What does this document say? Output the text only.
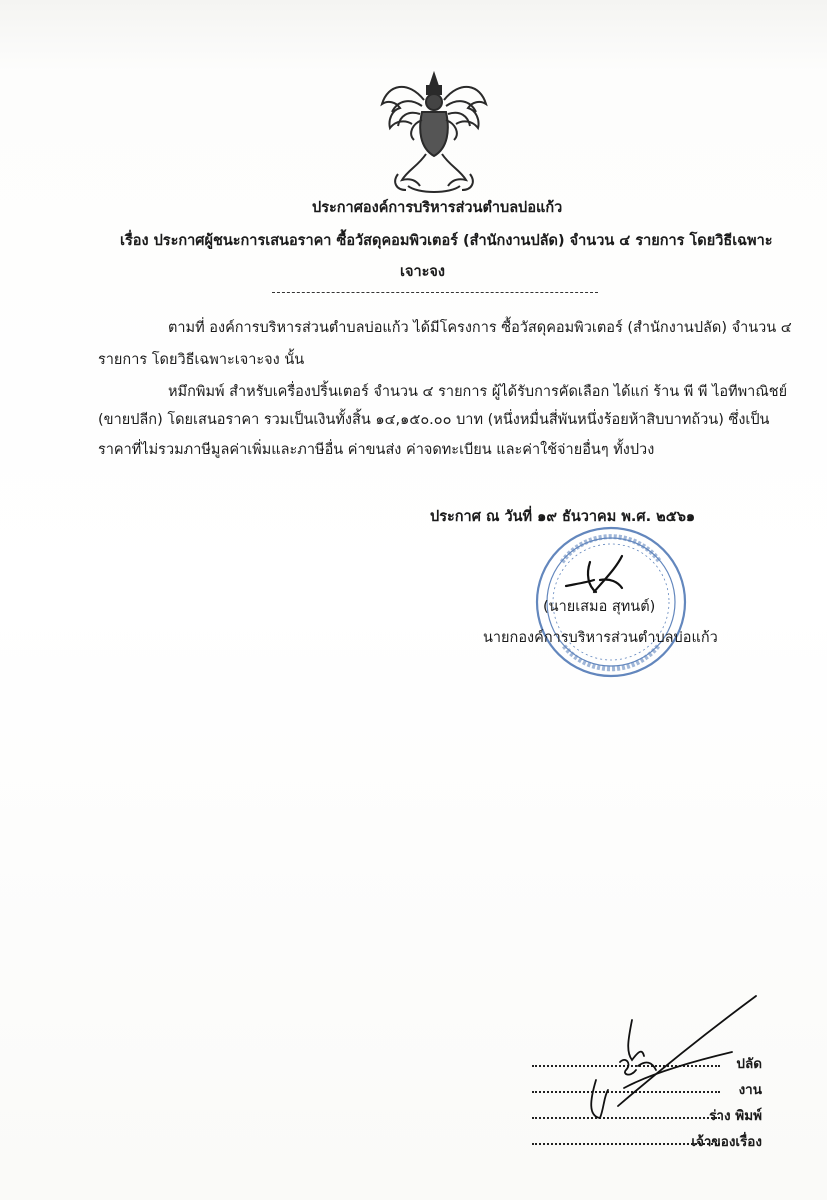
ประกาศองค์การบริหารส่วนตำบลบ่อแก้ว
เรื่อง ประกาศผู้ชนะการเสนอราคา ซื้อวัสดุคอมพิวเตอร์ (สำนักงานปลัด) จำนวน ๔ รายการ โดยวิธีเฉพาะ
เจาะจง
ตามที่ องค์การบริหารส่วนตำบลบ่อแก้ว ได้มีโครงการ ซื้อวัสดุคอมพิวเตอร์ (สำนักงานปลัด) จำนวน ๔
รายการ โดยวิธีเฉพาะเจาะจง นั้น
หมึกพิมพ์ สำหรับเครื่องปริ้นเตอร์ จำนวน ๔ รายการ ผู้ได้รับการคัดเลือก ได้แก่ ร้าน พี พี ไอทีพาณิชย์
(ขายปลีก) โดยเสนอราคา รวมเป็นเงินทั้งสิ้น ๑๔,๑๕๐.๐๐ บาท (หนึ่งหมื่นสี่พันหนึ่งร้อยห้าสิบบาทถ้วน) ซึ่งเป็น
ราคาที่ไม่รวมภาษีมูลค่าเพิ่มและภาษีอื่น ค่าขนส่ง ค่าจดทะเบียน และค่าใช้จ่ายอื่นๆ ทั้งปวง
ประกาศ ณ วันที่ ๑๙ ธันวาคม พ.ศ. ๒๕๖๑
(นายเสมอ สุทนต์)
นายกองค์การบริหารส่วนตำบลบ่อแก้ว
ปลัด
งาน
ร่าง พิมพ์
เจ้าของเรื่อง
